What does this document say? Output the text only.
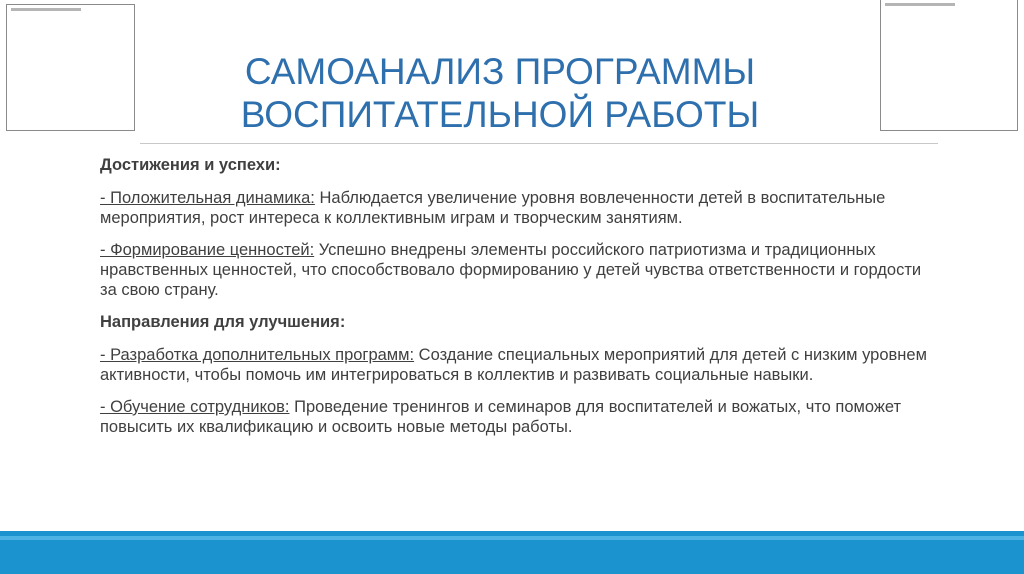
САМОАНАЛИЗ ПРОГРАММЫ
ВОСПИТАТЕЛЬНОЙ РАБОТЫ
Достижения и успехи:
- Положительная динамика: Наблюдается увеличение уровня вовлеченности детей в воспитательные мероприятия, рост интереса к коллективным играм и творческим занятиям.
- Формирование ценностей: Успешно внедрены элементы российского патриотизма и традиционных нравственных ценностей, что способствовало формированию у детей чувства ответственности и гордости за свою страну.
Направления для улучшения:
- Разработка дополнительных программ: Создание специальных мероприятий для детей с низким уровнем активности, чтобы помочь им интегрироваться в коллектив и развивать социальные навыки.
- Обучение сотрудников: Проведение тренингов и семинаров для воспитателей и вожатых, что поможет повысить их квалификацию и освоить новые методы работы.
